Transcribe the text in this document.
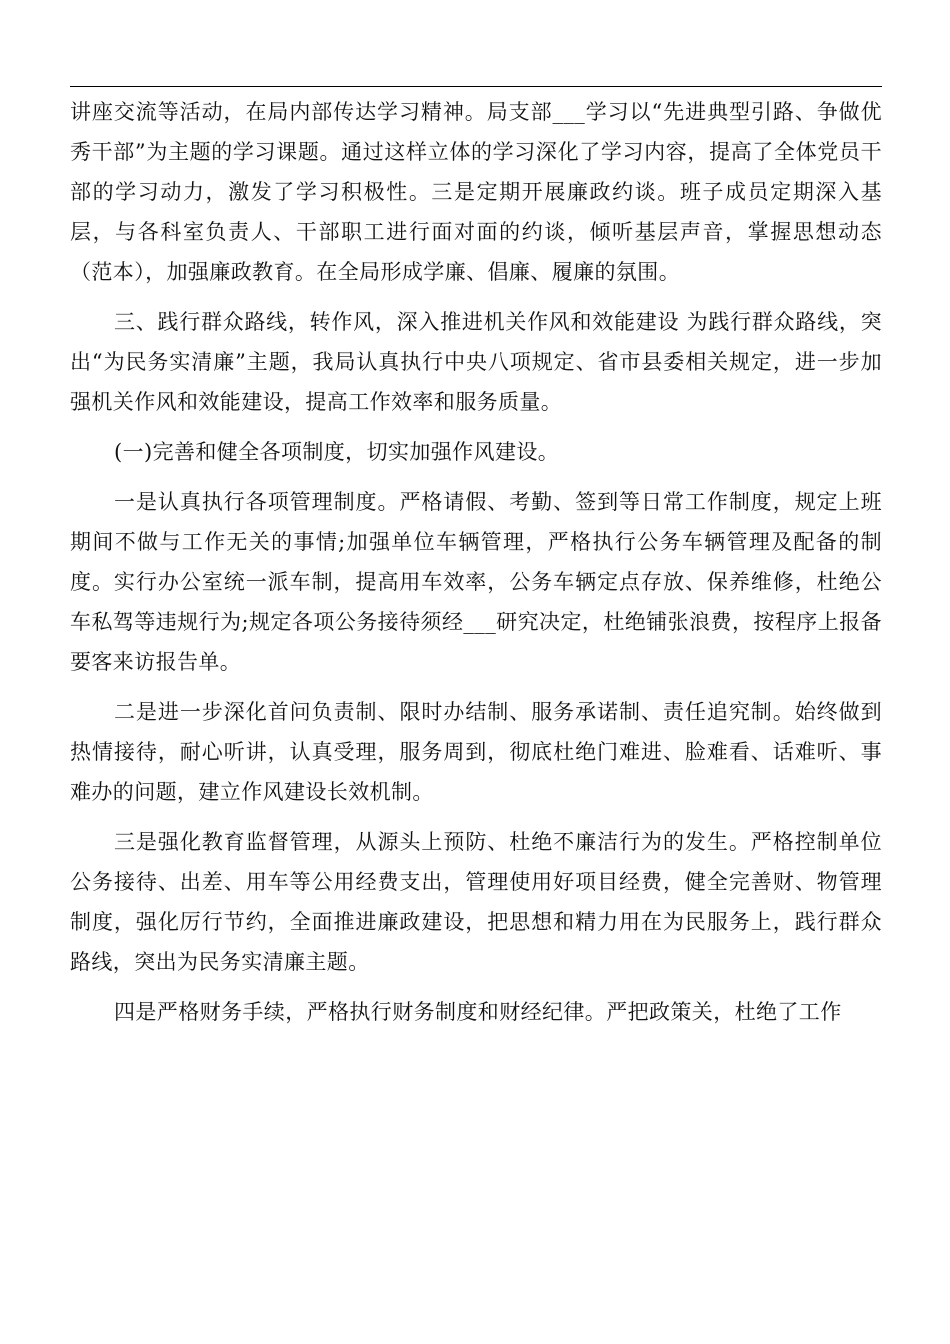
讲座交流等活动，在局内部传达学习精神。局支部___学习以“先进典型引路、争做优秀干部”为主题的学习课题。通过这样立体的学习深化了学习内容，提高了全体党员干部的学习动力，激发了学习积极性。三是定期开展廉政约谈。班子成员定期深入基层，与各科室负责人、干部职工进行面对面的约谈，倾听基层声音，掌握思想动态（范本），加强廉政教育。在全局形成学廉、倡廉、履廉的氛围。

三、践行群众路线，转作风，深入推进机关作风和效能建设 为践行群众路线，突出“为民务实清廉”主题，我局认真执行中央八项规定、省市县委相关规定，进一步加强机关作风和效能建设，提高工作效率和服务质量。

(一)完善和健全各项制度，切实加强作风建设。

一是认真执行各项管理制度。严格请假、考勤、签到等日常工作制度，规定上班期间不做与工作无关的事情;加强单位车辆管理，严格执行公务车辆管理及配备的制度。实行办公室统一派车制，提高用车效率，公务车辆定点存放、保养维修，杜绝公车私驾等违规行为;规定各项公务接待须经___研究决定，杜绝铺张浪费，按程序上报备要客来访报告单。

二是进一步深化首问负责制、限时办结制、服务承诺制、责任追究制。始终做到热情接待，耐心听讲，认真受理，服务周到，彻底杜绝门难进、脸难看、话难听、事难办的问题，建立作风建设长效机制。

三是强化教育监督管理，从源头上预防、杜绝不廉洁行为的发生。严格控制单位公务接待、出差、用车等公用经费支出，管理使用好项目经费，健全完善财、物管理制度，强化厉行节约，全面推进廉政建设，把思想和精力用在为民服务上，践行群众路线，突出为民务实清廉主题。

四是严格财务手续，严格执行财务制度和财经纪律。严把政策关，杜绝了工作
